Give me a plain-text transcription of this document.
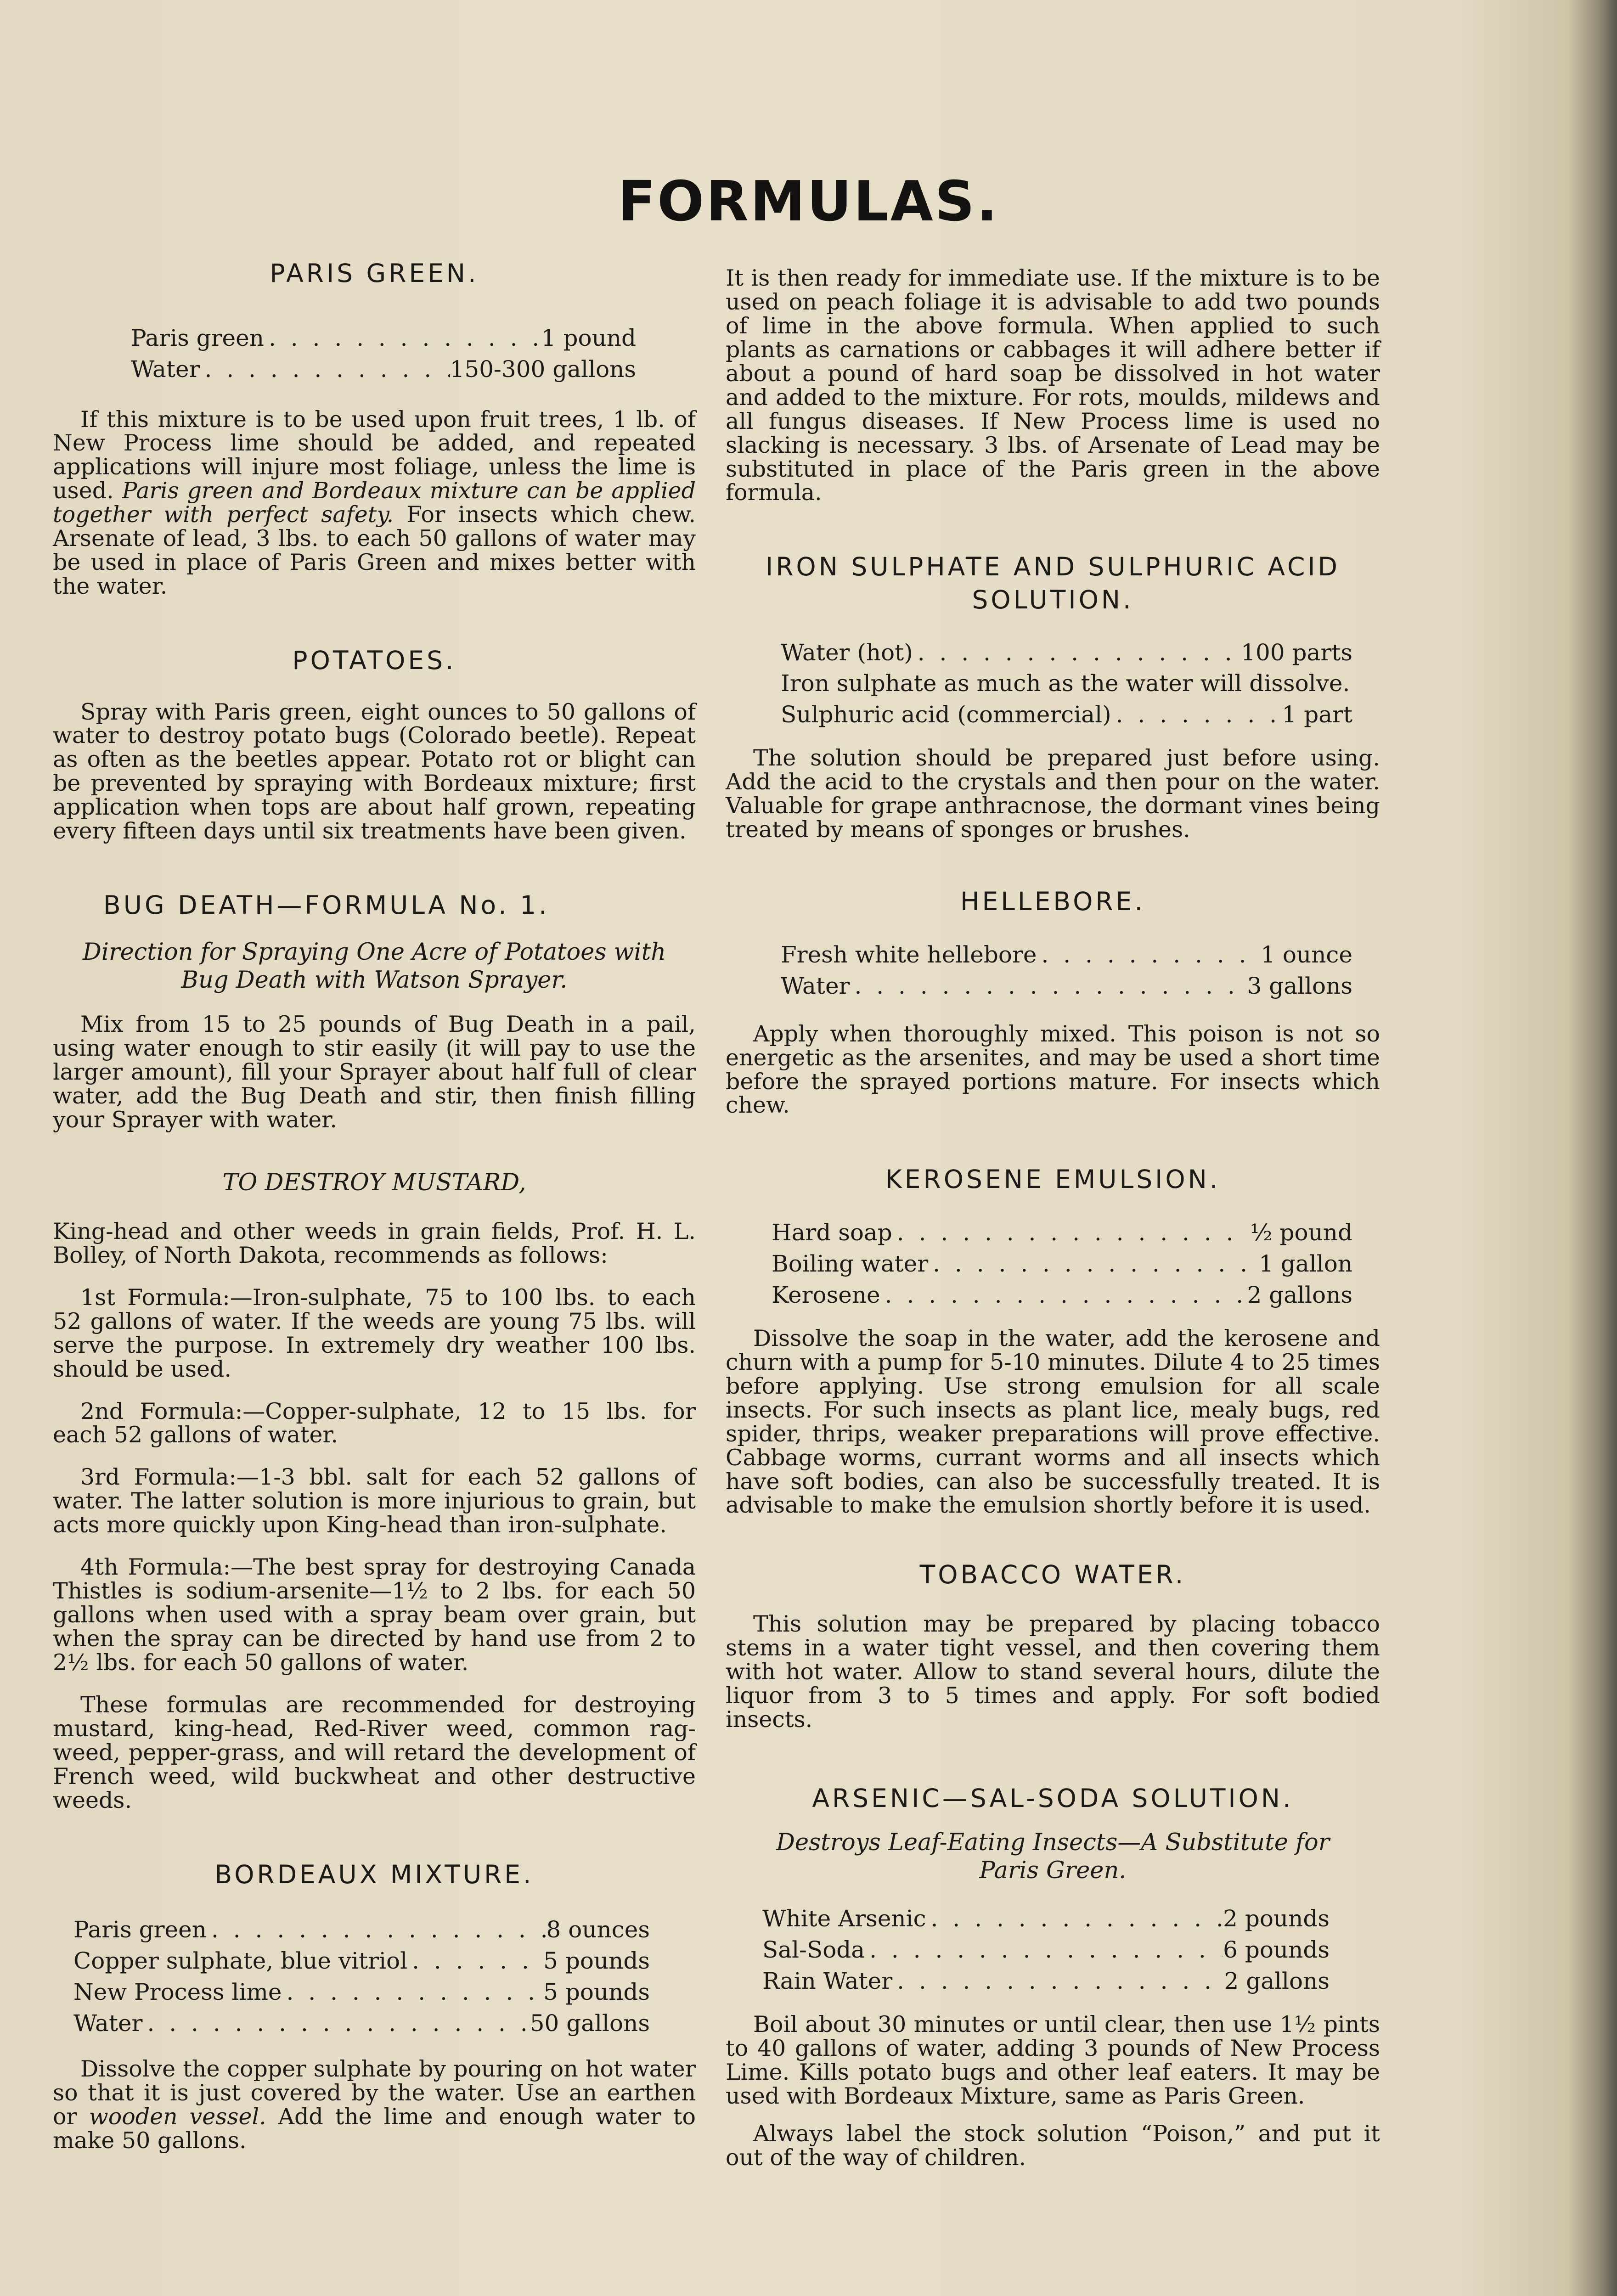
FORMULAS.
PARIS GREEN.
Paris green . . .	1 pound
Water . . .	150-300 gallons

If this mixture is to be used upon fruit trees, 1 lb. of New Process lime should be added, and repeated applications will injure most foliage, unless the lime is used. Paris green and Bordeaux mixture can be applied together with perfect safety. For insects which chew. Arsenate of lead, 3 lbs. to each 50 gallons of water may be used in place of Paris Green and mixes better with the water.

POTATOES.

Spray with Paris green, eight ounces to 50 gallons of water to destroy potato bugs (Colorado beetle). Repeat as often as the beetles appear. Potato rot or blight can be prevented by spraying with Bordeaux mixture; first application when tops are about half grown, repeating every fifteen days until six treatments have been given.

BUG DEATH—FORMULA No. 1.
Direction for Spraying One Acre of Potatoes with Bug Death with Watson Sprayer.

Mix from 15 to 25 pounds of Bug Death in a pail, using water enough to stir easily (it will pay to use the larger amount), fill your Sprayer about half full of clear water, add the Bug Death and stir, then finish filling your Sprayer with water.

TO DESTROY MUSTARD,

King-head and other weeds in grain fields, Prof. H. L. Bolley, of North Dakota, recommends as follows:

1st Formula:—Iron-sulphate, 75 to 100 lbs. to each 52 gallons of water. If the weeds are young 75 lbs. will serve the purpose. In extremely dry weather 100 lbs. should be used.

2nd Formula:—Copper-sulphate, 12 to 15 lbs. for each 52 gallons of water.

3rd Formula:—1-3 bbl. salt for each 52 gallons of water. The latter solution is more injurious to grain, but acts more quickly upon King-head than iron-sulphate.

4th Formula:—The best spray for destroying Canada Thistles is sodium-arsenite—1½ to 2 lbs. for each 50 gallons when used with a spray beam over grain, but when the spray can be directed by hand use from 2 to 2½ lbs. for each 50 gallons of water.

These formulas are recommended for destroying mustard, king-head, Red-River weed, common rag-weed, pepper-grass, and will retard the development of French weed, wild buckwheat and other destructive weeds.

BORDEAUX MIXTURE.
Paris green . . .	8 ounces
Copper sulphate, blue vitriol . . .	5 pounds
New Process lime . . .	5 pounds
Water . . .	50 gallons

Dissolve the copper sulphate by pouring on hot water so that it is just covered by the water. Use an earthen or wooden vessel. Add the lime and enough water to make 50 gallons.

It is then ready for immediate use. If the mixture is to be used on peach foliage it is advisable to add two pounds of lime in the above formula. When applied to such plants as carnations or cabbages it will adhere better if about a pound of hard soap be dissolved in hot water and added to the mixture. For rots, moulds, mildews and all fungus diseases. If New Process lime is used no slacking is necessary. 3 lbs. of Arsenate of Lead may be substituted in place of the Paris green in the above formula.

IRON SULPHATE AND SULPHURIC ACID SOLUTION.
Water (hot) . . .	100 parts
Iron sulphate as much as the water will dissolve.
Sulphuric acid (commercial) . . .	1 part

The solution should be prepared just before using. Add the acid to the crystals and then pour on the water. Valuable for grape anthracnose, the dormant vines being treated by means of sponges or brushes.

HELLEBORE.
Fresh white hellebore . . .	1 ounce
Water . . .	3 gallons

Apply when thoroughly mixed. This poison is not so energetic as the arsenites, and may be used a short time before the sprayed portions mature. For insects which chew.

KEROSENE EMULSION.
Hard soap . . .	½ pound
Boiling water . . .	1 gallon
Kerosene . . .	2 gallons

Dissolve the soap in the water, add the kerosene and churn with a pump for 5-10 minutes. Dilute 4 to 25 times before applying. Use strong emulsion for all scale insects. For such insects as plant lice, mealy bugs, red spider, thrips, weaker preparations will prove effective. Cabbage worms, currant worms and all insects which have soft bodies, can also be successfully treated. It is advisable to make the emulsion shortly before it is used.

TOBACCO WATER.

This solution may be prepared by placing tobacco stems in a water tight vessel, and then covering them with hot water. Allow to stand several hours, dilute the liquor from 3 to 5 times and apply. For soft bodied insects.

ARSENIC—SAL-SODA SOLUTION.
Destroys Leaf-Eating Insects—A Substitute for Paris Green.
White Arsenic . . .	2 pounds
Sal-Soda . . .	6 pounds
Rain Water . . .	2 gallons

Boil about 30 minutes or until clear, then use 1½ pints to 40 gallons of water, adding 3 pounds of New Process Lime. Kills potato bugs and other leaf eaters. It may be used with Bordeaux Mixture, same as Paris Green.

Always label the stock solution “Poison,” and put it out of the way of children.
